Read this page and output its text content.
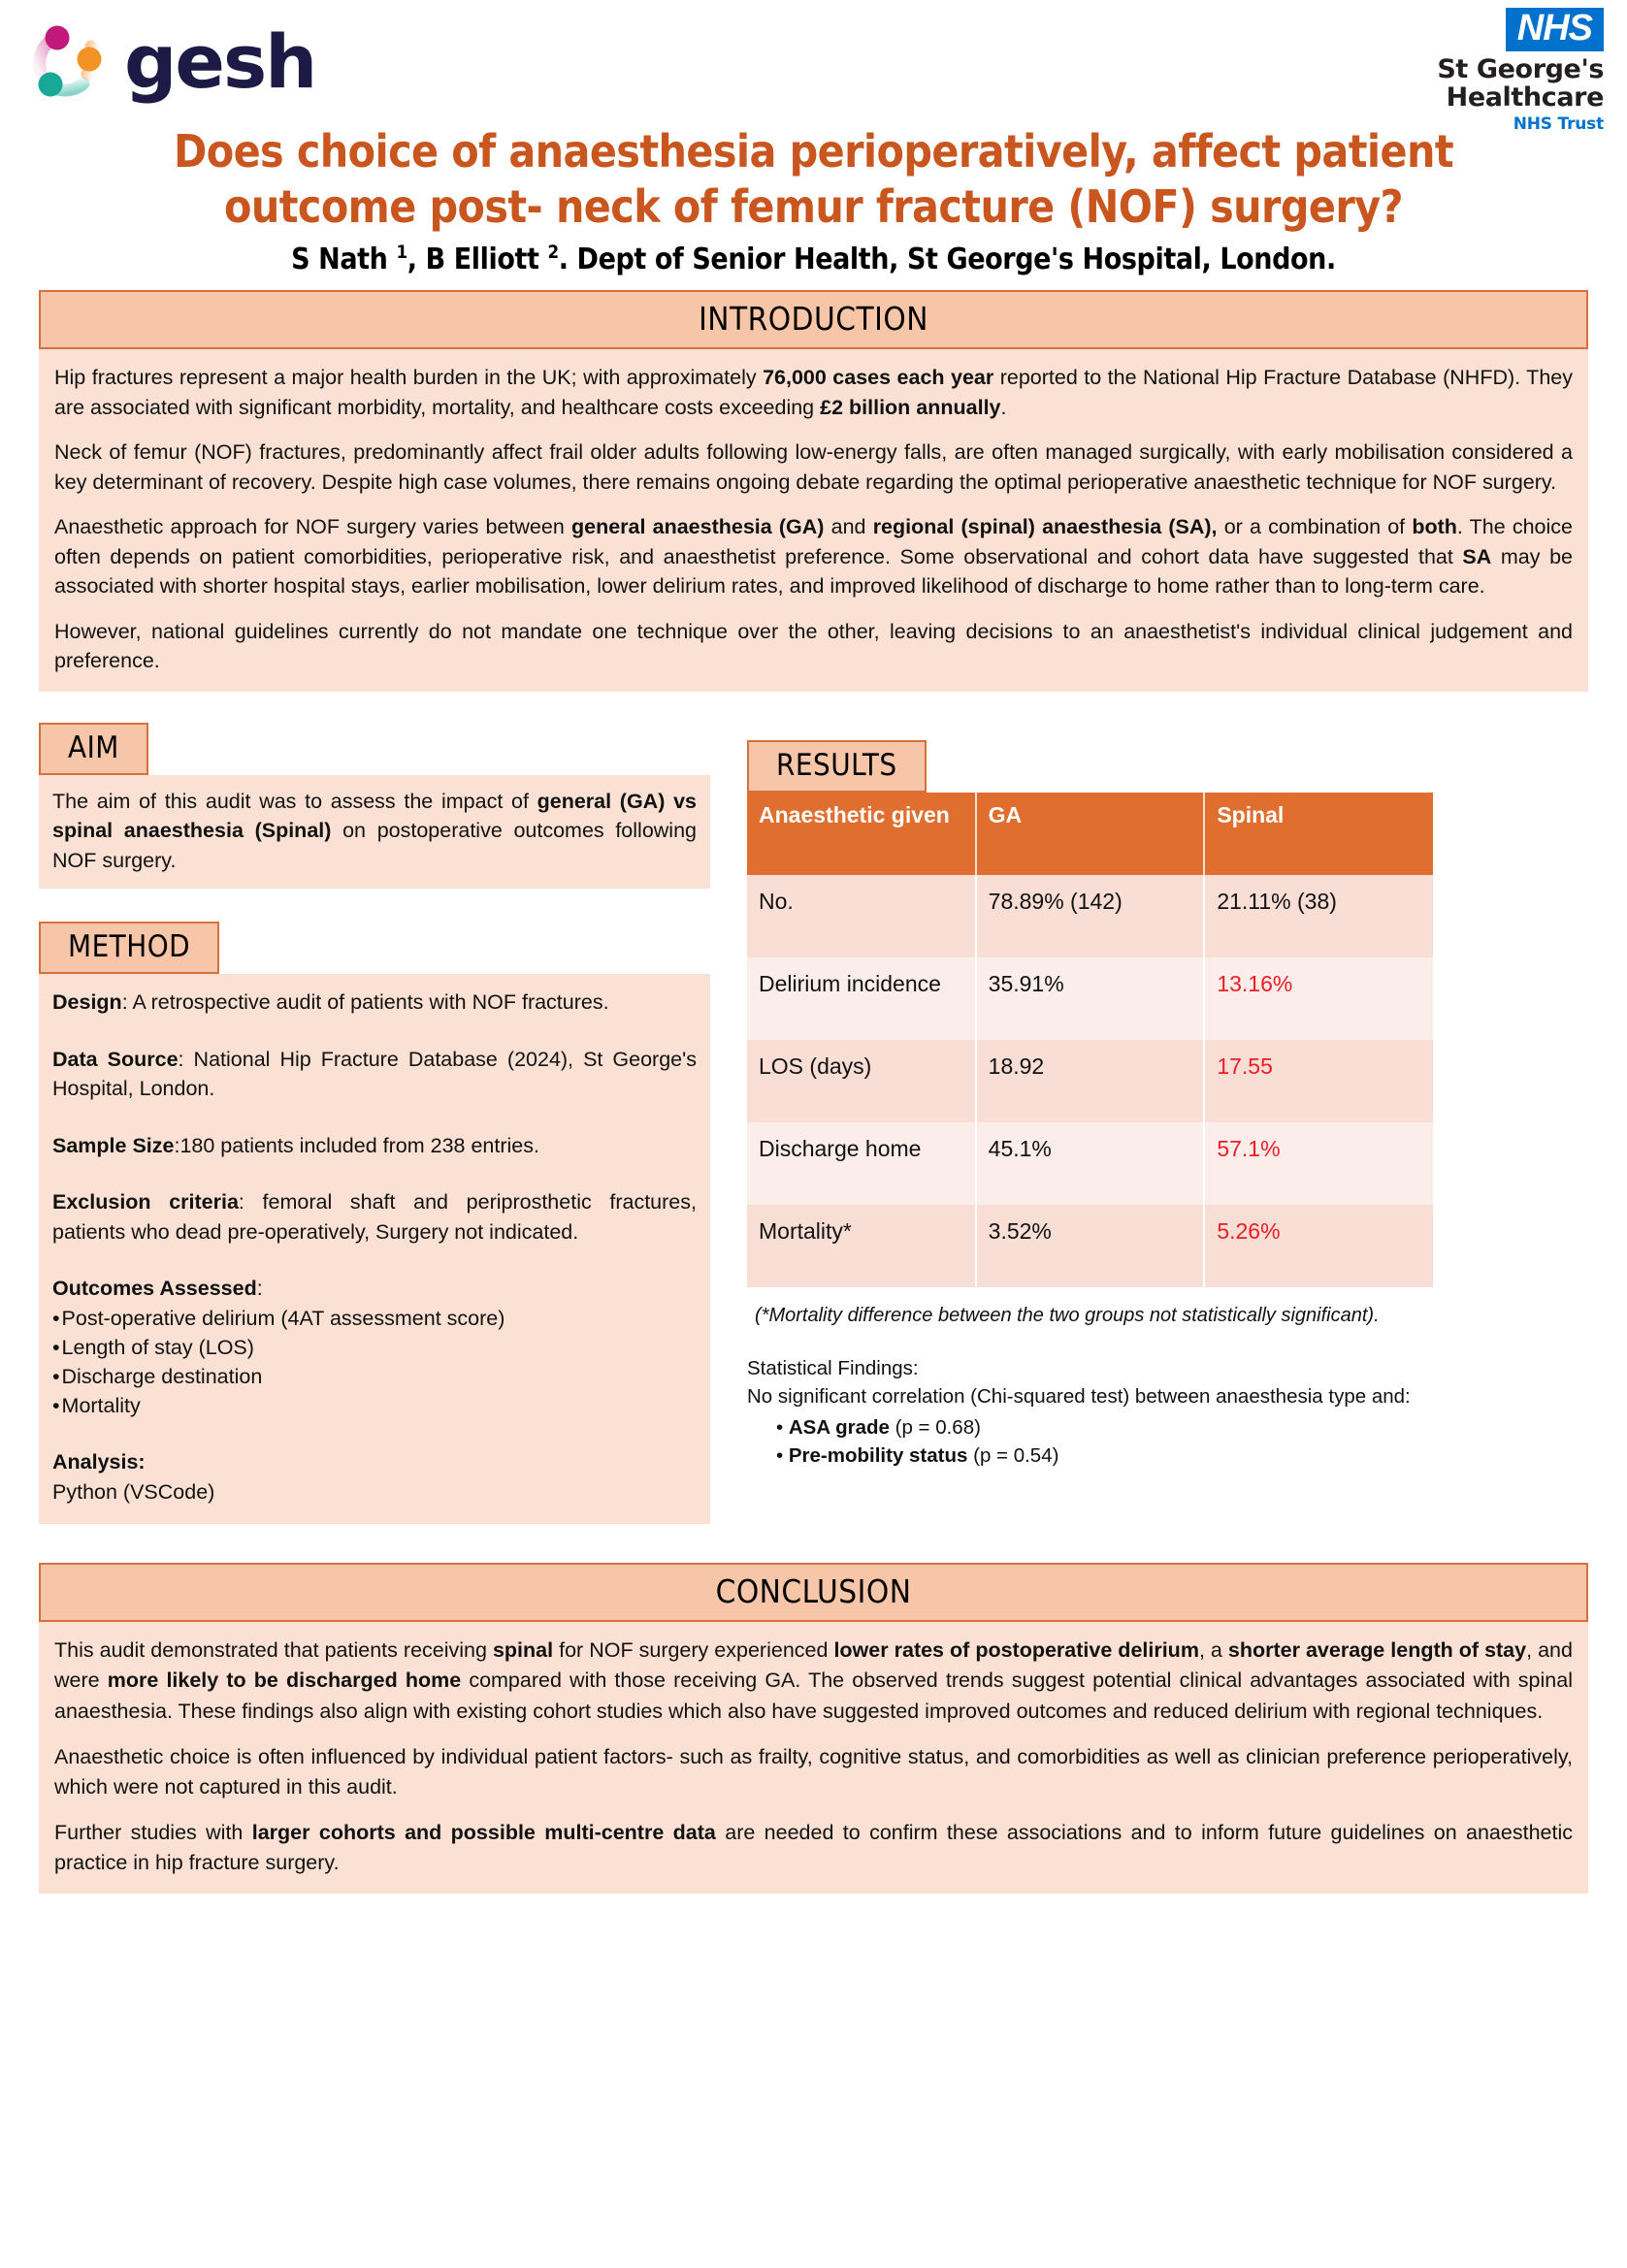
gesh	NHS
St George's Healthcare
NHS Trust
Does choice of anaesthesia perioperatively, affect patient
outcome post- neck of femur fracture (NOF) surgery?
S Nath $^1$, B Elliott $^2$. Dept of Senior Health, St George's Hospital, London.
INTRODUCTION

Hip fractures represent a major health burden in the UK; with approximately 76,000 cases each year reported to the National Hip Fracture Database (NHFD). They are associated with significant morbidity, mortality, and healthcare costs exceeding £2 billion annually.

Neck of femur (NOF) fractures, predominantly affect frail older adults following low-energy falls, are often managed surgically, with early mobilisation considered a key determinant of recovery. Despite high case volumes, there remains ongoing debate regarding the optimal perioperative anaesthetic technique for NOF surgery.

Anaesthetic approach for NOF surgery varies between general anaesthesia (GA) and regional (spinal) anaesthesia (SA), or a combination of both. The choice often depends on patient comorbidities, perioperative risk, and anaesthetist preference. Some observational and cohort data have suggested that SA may be associated with shorter hospital stays, earlier mobilisation, lower delirium rates, and improved likelihood of discharge to home rather than to long-term care.

However, national guidelines currently do not mandate one technique over the other, leaving decisions to an anaesthetist's individual clinical judgement and preference.

AIM

The aim of this audit was to assess the impact of general (GA) vs spinal anaesthesia (Spinal) on postoperative outcomes following NOF surgery.

METHOD

Design: A retrospective audit of patients with NOF fractures.

Data Source: National Hip Fracture Database (2024), St George's Hospital, London.

Sample Size:180 patients included from 238 entries.

Exclusion criteria: femoral shaft and periprosthetic fractures, patients who dead pre-operatively, Surgery not indicated.

Outcomes Assessed:

• Post-operative delirium (4AT assessment score)
• Length of stay (LOS)
• Discharge destination
• Mortality

Analysis:
Python (VSCode)

RESULTS
Anaesthetic given	GA	Spinal
No.	78.89% (142)	21.11% (38)
Delirium incidence	35.91%	13.16%
LOS (days)	18.92	17.55
Discharge home	45.1%	57.1%
Mortality*	3.52%	5.26%

(*Mortality difference between the two groups not statistically significant).

Statistical Findings:
No significant correlation (Chi-squared test) between anaesthesia type and:
• ASA grade (p = 0.68)
• Pre-mobility status (p = 0.54)
CONCLUSION

This audit demonstrated that patients receiving spinal for NOF surgery experienced lower rates of postoperative delirium, a shorter average length of stay, and were more likely to be discharged home compared with those receiving GA. The observed trends suggest potential clinical advantages associated with spinal anaesthesia. These findings also align with existing cohort studies which also have suggested improved outcomes and reduced delirium with regional techniques.

Anaesthetic choice is often influenced by individual patient factors- such as frailty, cognitive status, and comorbidities as well as clinician preference perioperatively, which were not captured in this audit.

Further studies with larger cohorts and possible multi-centre data are needed to confirm these associations and to inform future guidelines on anaesthetic practice in hip fracture surgery.
